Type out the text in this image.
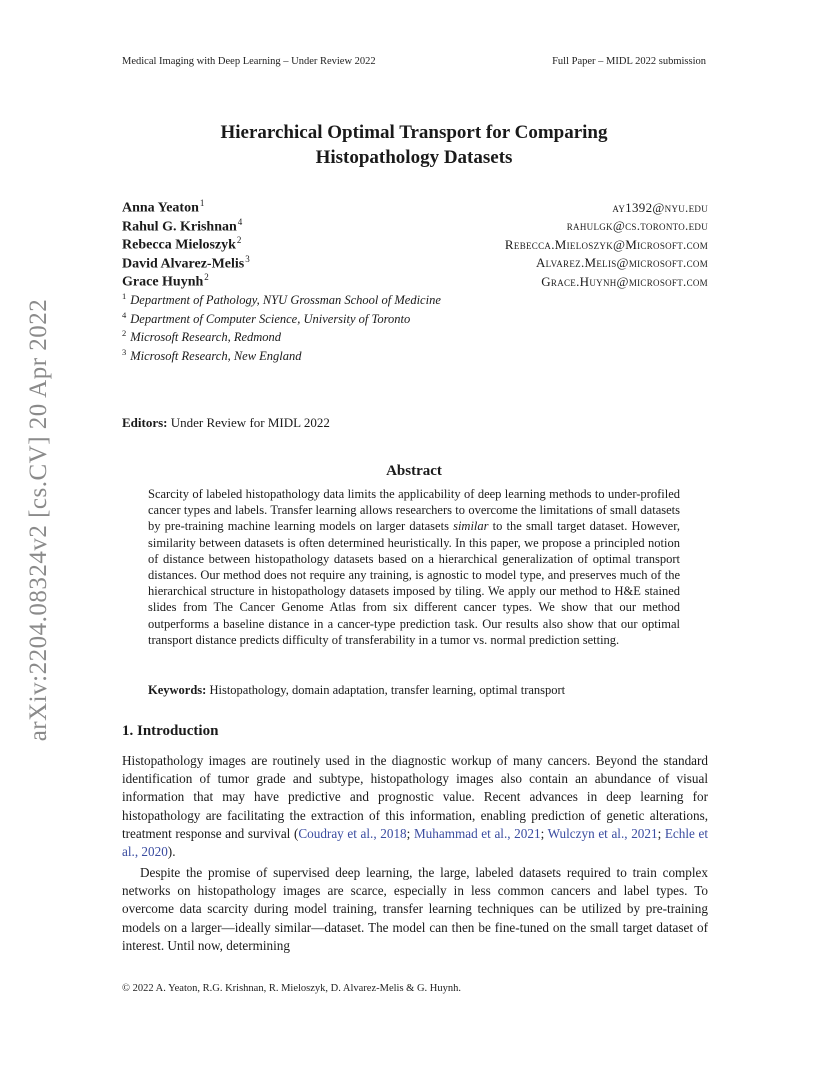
arXiv:2204.08324v2 [cs.CV] 20 Apr 2022
Medical Imaging with Deep Learning – Under Review 2022	Full Paper – MIDL 2022 submission
Hierarchical Optimal Transport for Comparing
Histopathology Datasets
Anna Yeaton$^1$	ay1392@nyu.edu
Rahul G. Krishnan$^4$	rahulgk@cs.toronto.edu
Rebecca Mieloszyk$^2$	Rebecca.Mieloszyk@Microsoft.com
David Alvarez-Melis$^3$	Alvarez.Melis@microsoft.com
Grace Huynh$^2$	Grace.Huynh@microsoft.com
$^1$ Department of Pathology, NYU Grossman School of Medicine
$^4$ Department of Computer Science, University of Toronto
$^2$ Microsoft Research, Redmond
$^3$ Microsoft Research, New England
Editors: Under Review for MIDL 2022
Abstract
Scarcity of labeled histopathology data limits the applicability of deep learning methods to under-profiled cancer types and labels. Transfer learning allows researchers to overcome the limitations of small datasets by pre-training machine learning models on larger datasets similar to the small target dataset. However, similarity between datasets is often determined heuristically. In this paper, we propose a principled notion of distance between histopathology datasets based on a hierarchical generalization of optimal transport distances. Our method does not require any training, is agnostic to model type, and preserves much of the hierarchical structure in histopathology datasets imposed by tiling. We apply our method to H&E stained slides from The Cancer Genome Atlas from six different cancer types. We show that our method outperforms a baseline distance in a cancer-type prediction task. Our results also show that our optimal transport distance predicts difficulty of transferability in a tumor vs. normal prediction setting.
Keywords: Histopathology, domain adaptation, transfer learning, optimal transport
1. Introduction
Histopathology images are routinely used in the diagnostic workup of many cancers. Beyond the standard identification of tumor grade and subtype, histopathology images also contain an abundance of visual information that may have predictive and prognostic value. Recent advances in deep learning for histopathology are facilitating the extraction of this information, enabling prediction of genetic alterations, treatment response and survival (Coudray et al., 2018; Muhammad et al., 2021; Wulczyn et al., 2021; Echle et al., 2020).
Despite the promise of supervised deep learning, the large, labeled datasets required to train complex networks on histopathology images are scarce, especially in less common cancers and label types. To overcome data scarcity during model training, transfer learning techniques can be utilized by pre-training models on a larger—ideally similar—dataset. The model can then be fine-tuned on the small target dataset of interest. Until now, determining
© 2022 A. Yeaton, R.G. Krishnan, R. Mieloszyk, D. Alvarez-Melis & G. Huynh.
